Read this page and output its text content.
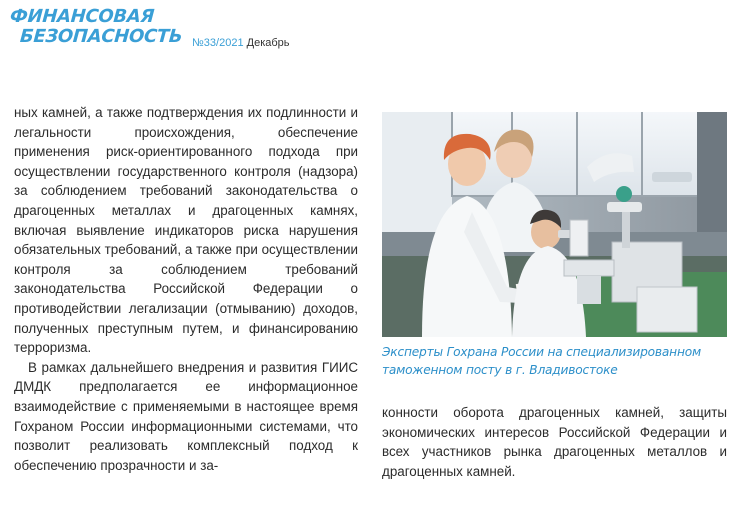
ФИНАНСОВАЯ
БЕЗОПАСНОСТЬ №33/2021 Декабрь

ных камней, а также подтверждения их подлинности и легальности происхождения, обеспечение применения риск-ориентированного подхода при осуществлении государственного контроля (надзора) за соблюдением требований законодательства о драгоценных металлах и драгоценных камнях, включая выявление индикаторов риска нарушения обязательных требований, а также при осуществлении контроля за соблюдением требований законодательства Российской Федерации о противодействии легализации (отмыванию) доходов, полученных преступным путем, и финансированию терроризма.

В рамках дальнейшего внедрения и развития ГИИС ДМДК предполагается ее информационное взаимодействие с применяемыми в настоящее время Гохраном России информационными системами, что позволит реализовать комплексный подход к обеспечению прозрачности и за-

Эксперты Гохрана России на специализированном таможенном посту в г. Владивостоке

конности оборота драгоценных камней, защиты экономических интересов Российской Федерации и всех участников рынка драгоценных металлов и драгоценных камней.
